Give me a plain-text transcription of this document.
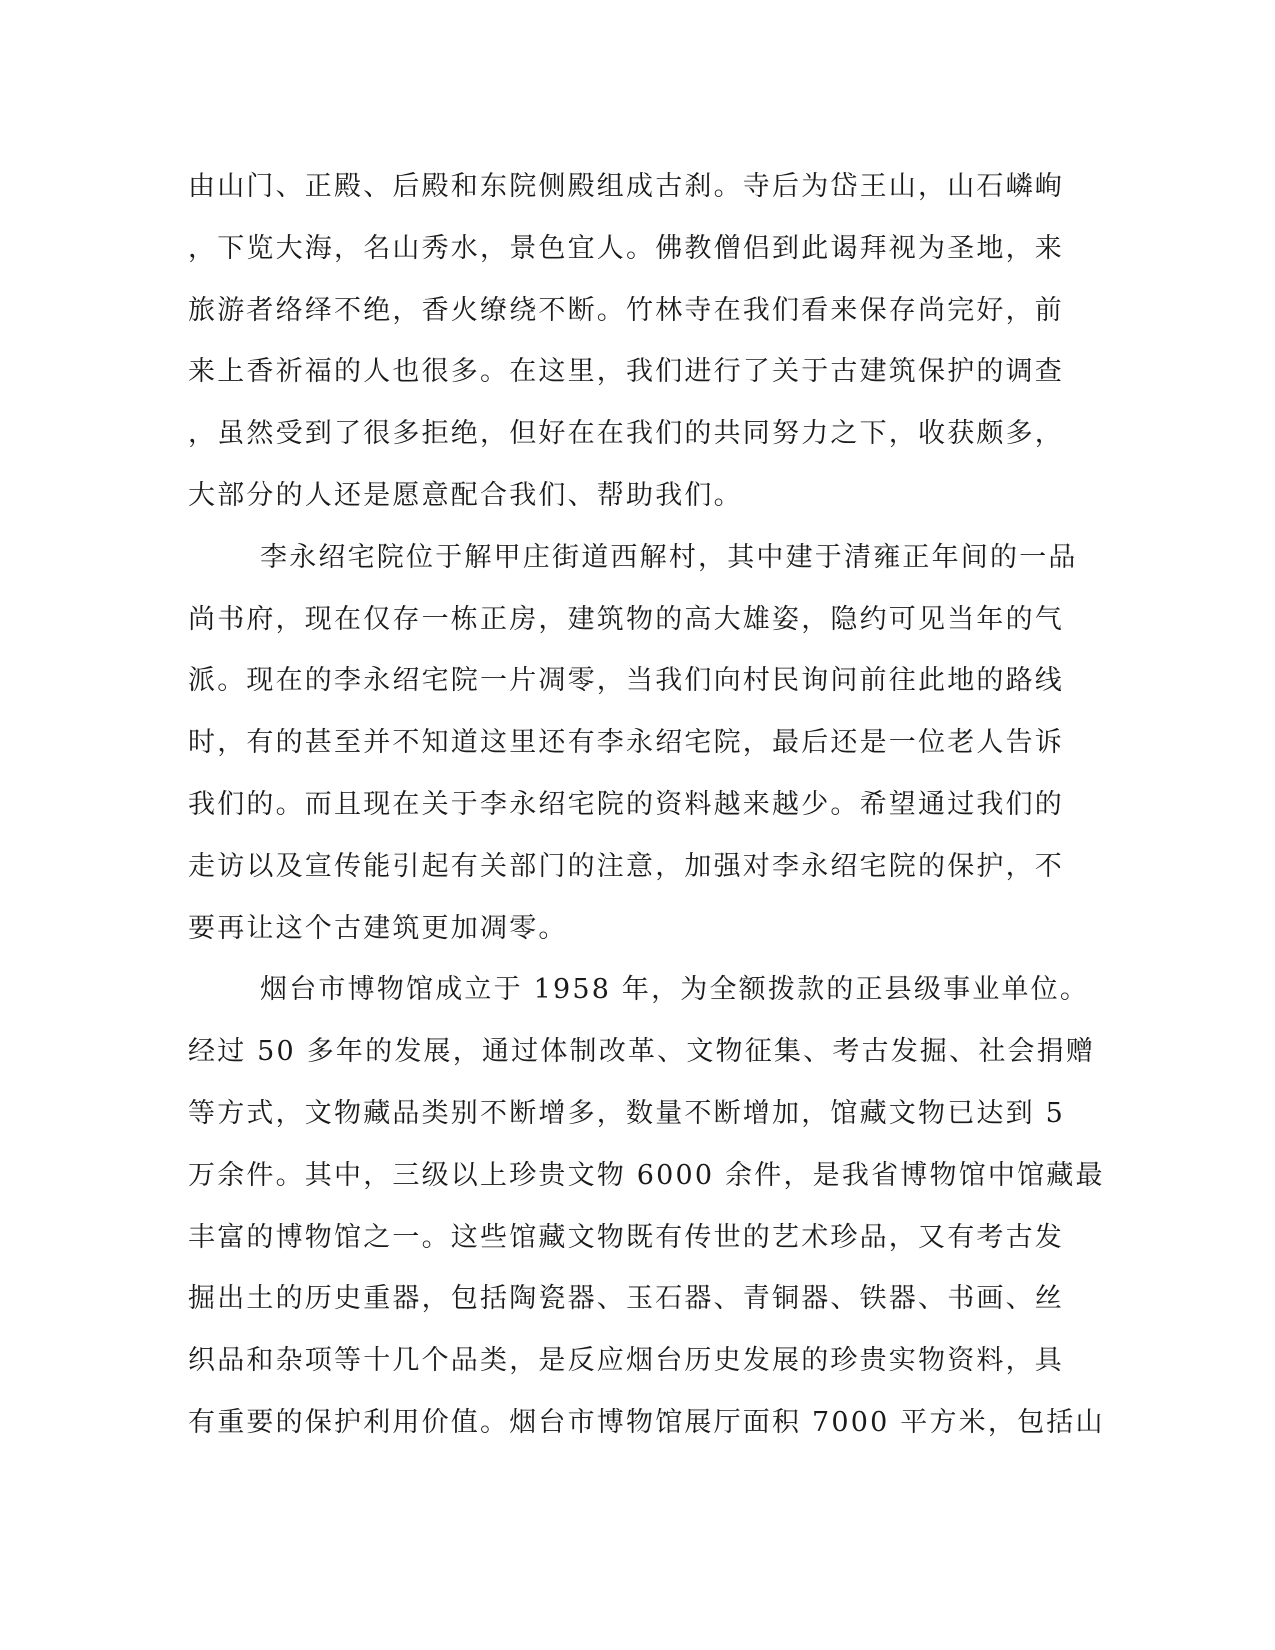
由山门、正殿、后殿和东院侧殿组成古刹。寺后为岱王山，山石嶙峋
，下览大海，名山秀水，景色宜人。佛教僧侣到此谒拜视为圣地，来
旅游者络绎不绝，香火缭绕不断。竹林寺在我们看来保存尚完好，前
来上香祈福的人也很多。在这里，我们进行了关于古建筑保护的调查
，虽然受到了很多拒绝，但好在在我们的共同努力之下，收获颇多，
大部分的人还是愿意配合我们、帮助我们。
李永绍宅院位于解甲庄街道西解村，其中建于清雍正年间的一品
尚书府，现在仅存一栋正房，建筑物的高大雄姿，隐约可见当年的气
派。现在的李永绍宅院一片凋零，当我们向村民询问前往此地的路线
时，有的甚至并不知道这里还有李永绍宅院，最后还是一位老人告诉
我们的。而且现在关于李永绍宅院的资料越来越少。希望通过我们的
走访以及宣传能引起有关部门的注意，加强对李永绍宅院的保护，不
要再让这个古建筑更加凋零。
烟台市博物馆成立于 1958 年，为全额拨款的正县级事业单位。
经过 50 多年的发展，通过体制改革、文物征集、考古发掘、社会捐赠
等方式，文物藏品类别不断增多，数量不断增加，馆藏文物已达到 5
万余件。其中，三级以上珍贵文物 6000 余件，是我省博物馆中馆藏最
丰富的博物馆之一。这些馆藏文物既有传世的艺术珍品，又有考古发
掘出土的历史重器，包括陶瓷器、玉石器、青铜器、铁器、书画、丝
织品和杂项等十几个品类，是反应烟台历史发展的珍贵实物资料，具
有重要的保护利用价值。烟台市博物馆展厅面积 7000 平方米，包括山
